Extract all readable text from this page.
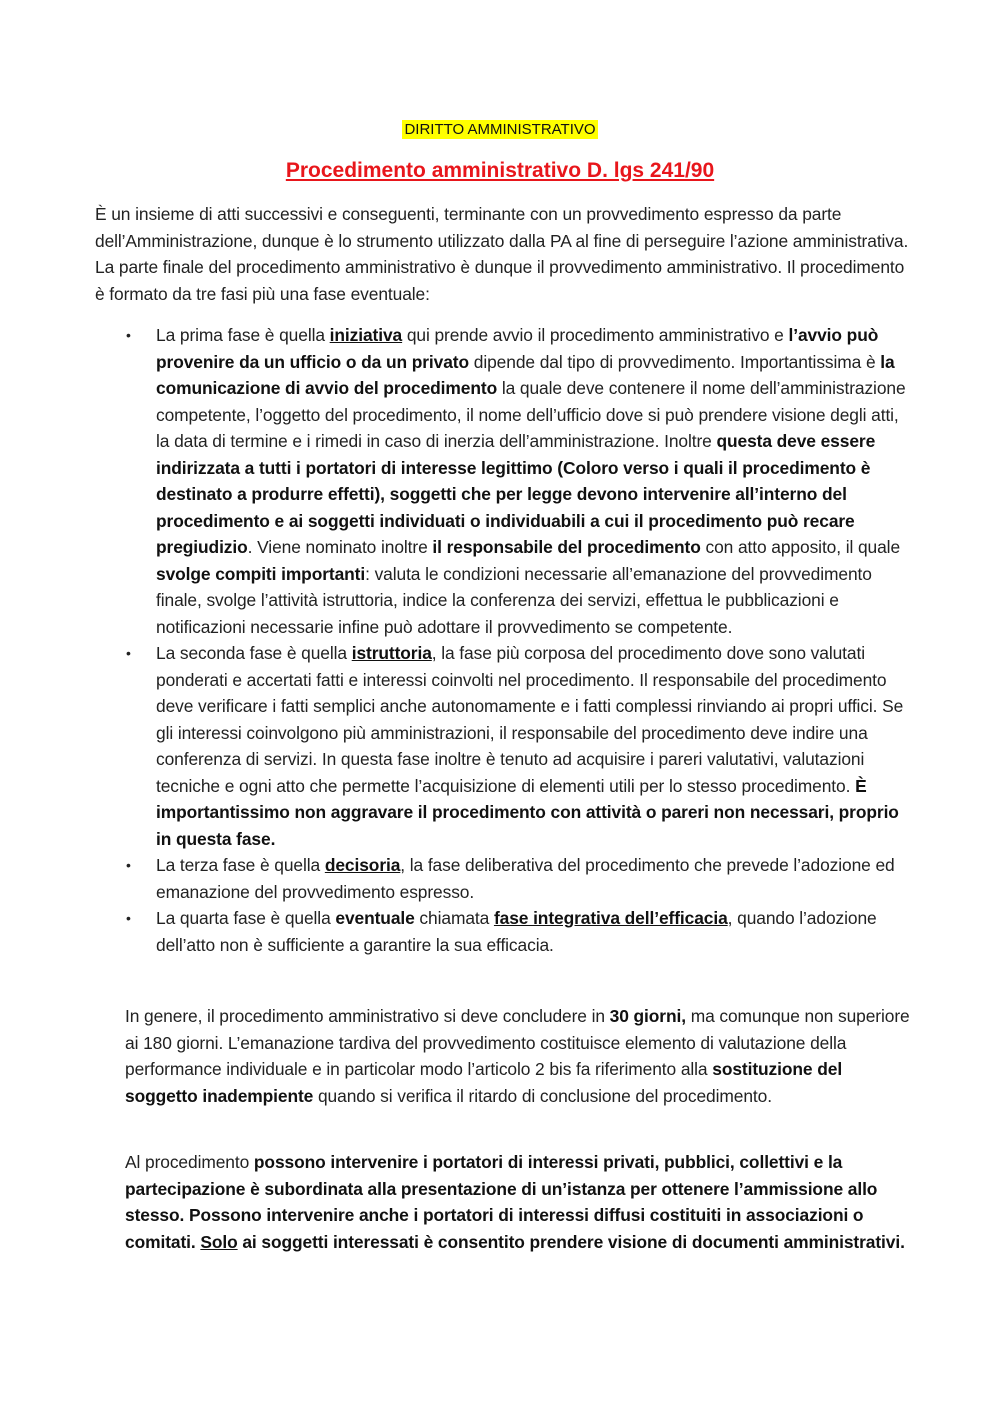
DIRITTO AMMINISTRATIVO
Procedimento amministrativo D. lgs 241/90

È un insieme di atti successivi e conseguenti, terminante con un provvedimento espresso da parte dell’Amministrazione, dunque è lo strumento utilizzato dalla PA al fine di perseguire l’azione amministrativa. La parte finale del procedimento amministrativo è dunque il provvedimento amministrativo. Il procedimento è formato da tre fasi più una fase eventuale:

• La prima fase è quella iniziativa qui prende avvio il procedimento amministrativo e l’avvio può provenire da un ufficio o da un privato dipende dal tipo di provvedimento. Importantissima è la comunicazione di avvio del procedimento la quale deve contenere il nome dell’amministrazione competente, l’oggetto del procedimento, il nome dell’ufficio dove si può prendere visione degli atti, la data di termine e i rimedi in caso di inerzia dell’amministrazione. Inoltre questa deve essere indirizzata a tutti i portatori di interesse legittimo (Coloro verso i quali il procedimento è destinato a produrre effetti), soggetti che per legge devono intervenire all’interno del procedimento e ai soggetti individuati o individuabili a cui il procedimento può recare pregiudizio. Viene nominato inoltre il responsabile del procedimento con atto apposito, il quale svolge compiti importanti: valuta le condizioni necessarie all’emanazione del provvedimento finale, svolge l’attività istruttoria, indice la conferenza dei servizi, effettua le pubblicazioni e notificazioni necessarie infine può adottare il provvedimento se competente.
• La seconda fase è quella istruttoria, la fase più corposa del procedimento dove sono valutati ponderati e accertati fatti e interessi coinvolti nel procedimento. Il responsabile del procedimento deve verificare i fatti semplici anche autonomamente e i fatti complessi rinviando ai propri uffici. Se gli interessi coinvolgono più amministrazioni, il responsabile del procedimento deve indire una conferenza di servizi. In questa fase inoltre è tenuto ad acquisire i pareri valutativi, valutazioni tecniche e ogni atto che permette l’acquisizione di elementi utili per lo stesso procedimento. È importantissimo non aggravare il procedimento con attività o pareri non necessari, proprio in questa fase.
• La terza fase è quella decisoria, la fase deliberativa del procedimento che prevede l’adozione ed emanazione del provvedimento espresso.
• La quarta fase è quella eventuale chiamata fase integrativa dell’efficacia, quando l’adozione dell’atto non è sufficiente a garantire la sua efficacia.

In genere, il procedimento amministrativo si deve concludere in 30 giorni, ma comunque non superiore ai 180 giorni. L’emanazione tardiva del provvedimento costituisce elemento di valutazione della performance individuale e in particolar modo l’articolo 2 bis fa riferimento alla sostituzione del soggetto inadempiente quando si verifica il ritardo di conclusione del procedimento.

Al procedimento possono intervenire i portatori di interessi privati, pubblici, collettivi e la partecipazione è subordinata alla presentazione di un’istanza per ottenere l’ammissione allo stesso. Possono intervenire anche i portatori di interessi diffusi costituiti in associazioni o comitati. Solo ai soggetti interessati è consentito prendere visione di documenti amministrativi.
